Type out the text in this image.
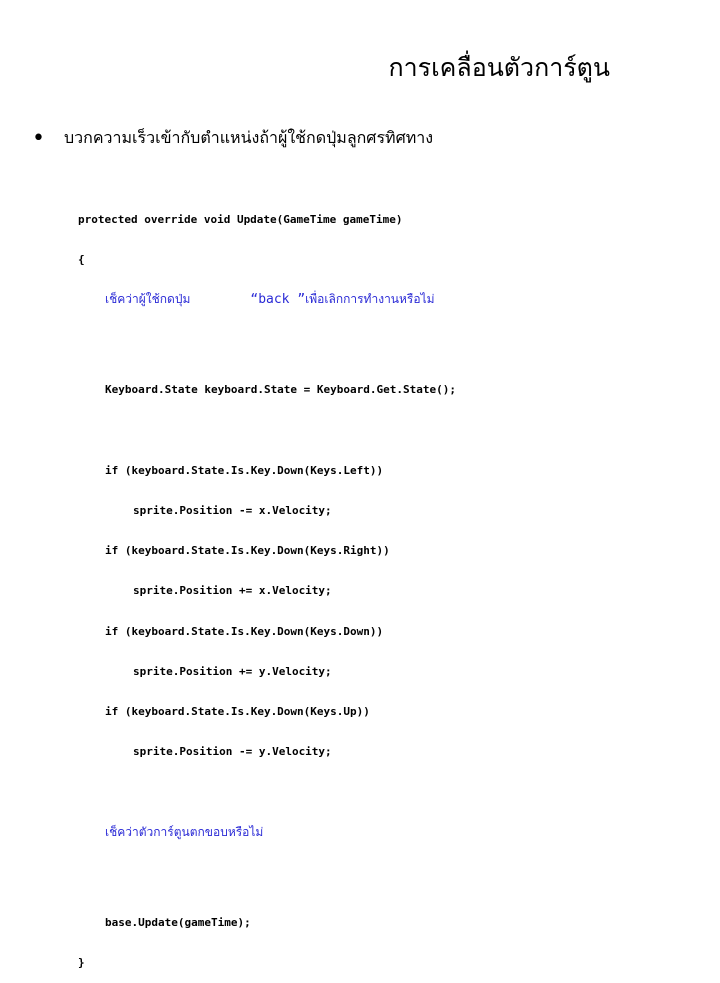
การเคลื่อนตัวการ์ตูน
•	บวกความเร็วเข้ากับตำแหน่งถ้าผู้ใช้กดปุ่มลูกศรทิศทาง

protected override void Update(GameTime gameTime)

{

เช็คว่าผู้ใช้กดปุ่ม	“back ” เพื่อเลิกการทำงานหรือไม่

Keyboard.State keyboard.State = Keyboard.Get.State();

if (keyboard.State.Is.Key.Down(Keys.Left))

sprite.Position -= x.Velocity;

if (keyboard.State.Is.Key.Down(Keys.Right))

sprite.Position += x.Velocity;

if (keyboard.State.Is.Key.Down(Keys.Down))

sprite.Position += y.Velocity;

if (keyboard.State.Is.Key.Down(Keys.Up))

sprite.Position -= y.Velocity;

เช็คว่าตัวการ์ตูนตกขอบหรือไม่

base.Update(gameTime);

}
